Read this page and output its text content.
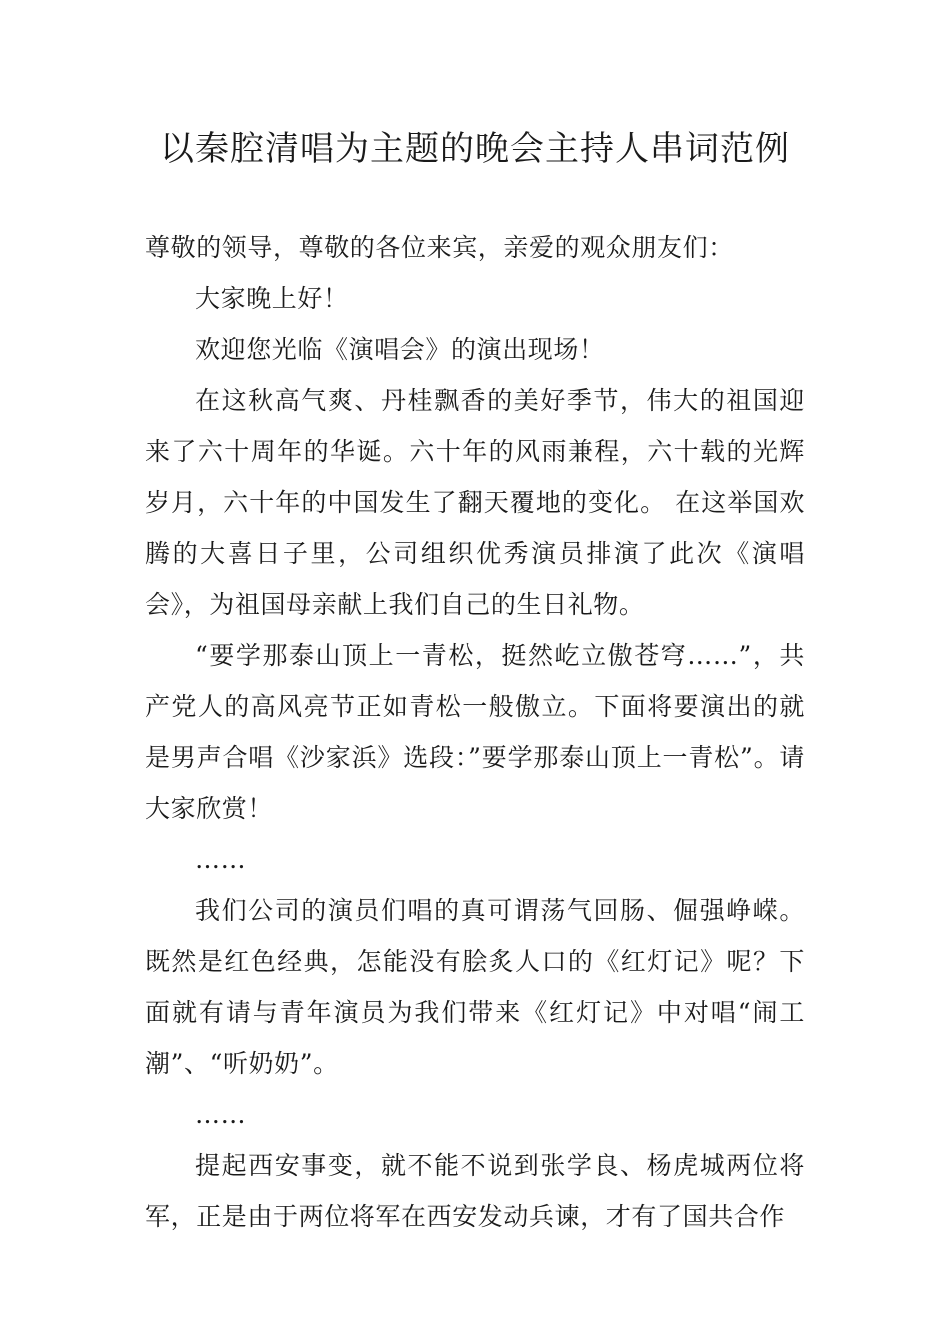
以秦腔清唱为主题的晚会主持人串词范例

尊敬的领导，尊敬的各位来宾，亲爱的观众朋友们：

大家晚上好！

欢迎您光临《演唱会》的演出现场！

在这秋高气爽、丹桂飘香的美好季节，伟大的祖国迎来了六十周年的华诞。六十年的风雨兼程，六十载的光辉岁月，六十年的中国发生了翻天覆地的变化。 在这举国欢腾的大喜日子里，公司组织优秀演员排演了此次《演唱会》，为祖国母亲献上我们自己的生日礼物。

“要学那泰山顶上一青松，挺然屹立傲苍穹……”，共产党人的高风亮节正如青松一般傲立。下面将要演出的就是男声合唱《沙家浜》选段：”要学那泰山顶上一青松”。请大家欣赏！

……

我们公司的演员们唱的真可谓荡气回肠、倔强峥嵘。既然是红色经典，怎能没有脍炙人口的《红灯记》呢？下面就有请与青年演员为我们带来《红灯记》中对唱“闹工潮”、“听奶奶”。

……

提起西安事变，就不能不说到张学良、杨虎城两位将军，正是由于两位将军在西安发动兵谏，才有了国共合作
